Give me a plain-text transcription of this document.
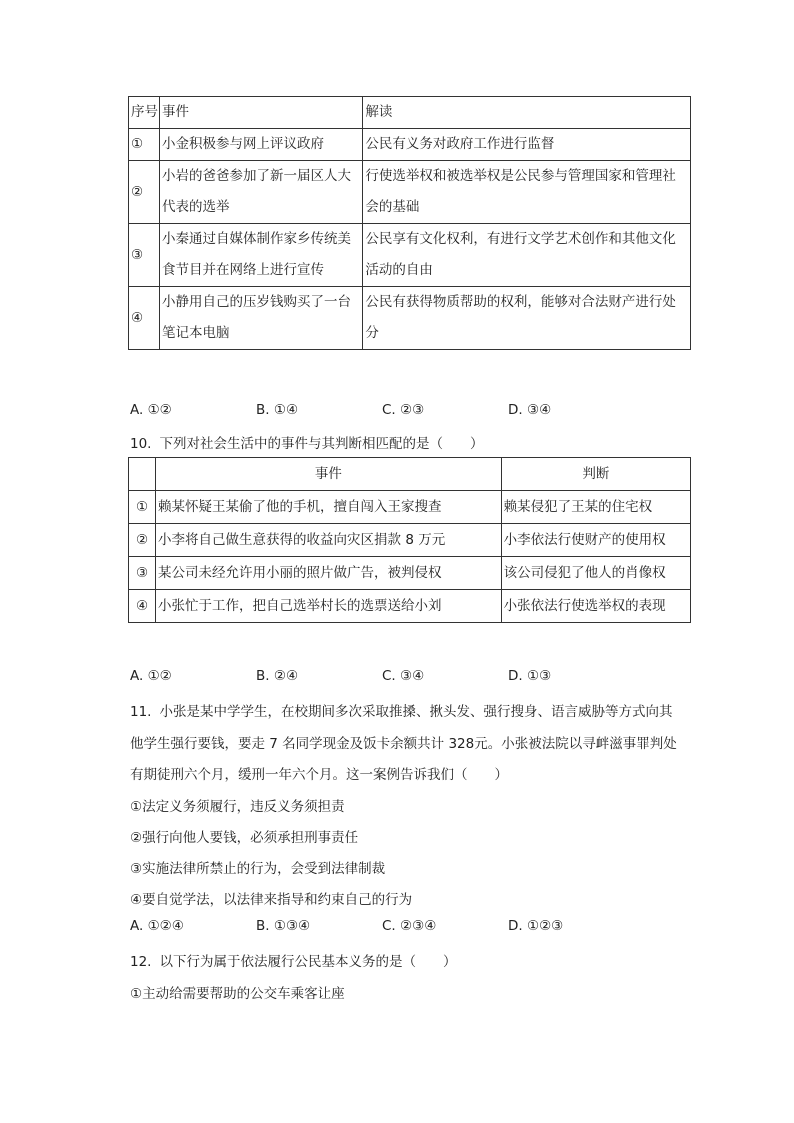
序号	事件	解读
①	小金积极参与网上评议政府	公民有义务对政府工作进行监督
②	小岩的爸爸参加了新一届区人大代表的选举	行使选举权和被选举权是公民参与管理国家和管理社会的基础
③	小秦通过自媒体制作家乡传统美食节目并在网络上进行宣传	公民享有文化权利，有进行文学艺术创作和其他文化活动的自由
④	小静用自己的压岁钱购买了一台笔记本电脑	公民有获得物质帮助的权利，能够对合法财产进行处分
A. ①②	B. ①④	C. ②③	D. ③④
10. 下列对社会生活中的事件与其判断相匹配的是（　　）
	事件	判断
①	赖某怀疑王某偷了他的手机，擅自闯入王家搜查	赖某侵犯了王某的住宅权
②	小李将自己做生意获得的收益向灾区捐款 8 万元	小李依法行使财产的使用权
③	某公司未经允许用小丽的照片做广告，被判侵权	该公司侵犯了他人的肖像权
④	小张忙于工作，把自己选举村长的选票送给小刘	小张依法行使选举权的表现
A. ①②	B. ②④	C. ③④	D. ①③
11. 小张是某中学学生，在校期间多次采取推搡、揪头发、强行搜身、语言威胁等方式向其
他学生强行要钱，要走 7 名同学现金及饭卡余额共计 328元。小张被法院以寻衅滋事罪判处
有期徒刑六个月，缓刑一年六个月。这一案例告诉我们（　　）
①法定义务须履行，违反义务须担责
②强行向他人要钱，必须承担刑事责任
③实施法律所禁止的行为，会受到法律制裁
④要自觉学法，以法律来指导和约束自己的行为
A. ①②④	B. ①③④	C. ②③④	D. ①②③
12. 以下行为属于依法履行公民基本义务的是（　　）
①主动给需要帮助的公交车乘客让座
